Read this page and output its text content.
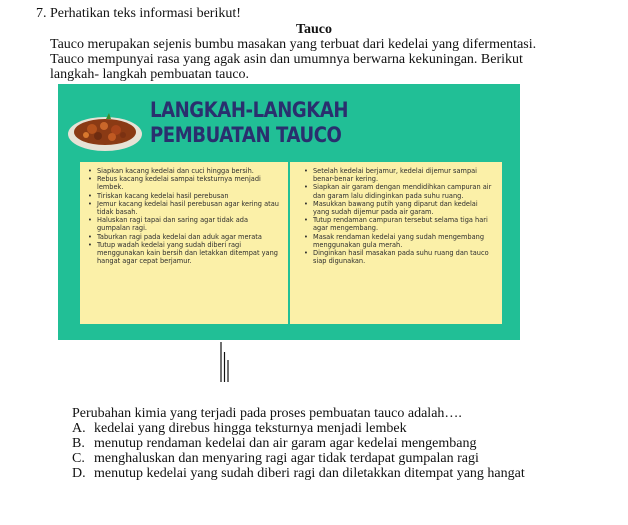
7. Perhatikan teks informasi berikut!
Tauco
Tauco merupakan sejenis bumbu masakan yang terbuat dari kedelai yang difermentasi. Tauco mempunyai rasa yang agak asin dan umumnya berwarna kekuningan. Berikut langkah- langkah pembuatan tauco.
LANGKAH-LANGKAH
PEMBUATAN TAUCO
• Siapkan kacang kedelai dan cuci hingga bersih.
• Rebus kacang kedelai sampai teksturnya menjadi lembek.
• Tiriskan kacang kedelai hasil perebusan
• Jemur kacang kedelai hasil perebusan agar kering atau tidak basah.
• Haluskan ragi tapai dan saring agar tidak ada gumpalan ragi.
• Taburkan ragi pada kedelai dan aduk agar merata
• Tutup wadah kedelai yang sudah diberi ragi menggunakan kain bersih dan letakkan ditempat yang hangat agar cepat berjamur.
• Setelah kedelai berjamur, kedelai dijemur sampai benar-benar kering.
• Siapkan air garam dengan mendidihkan campuran air dan garam lalu didinginkan pada suhu ruang.
• Masukkan bawang putih yang diparut dan kedelai yang sudah dijemur pada air garam.
• Tutup rendaman campuran tersebut selama tiga hari agar mengembang.
• Masak rendaman kedelai yang sudah mengembang menggunakan gula merah.
• Dinginkan hasil masakan pada suhu ruang dan tauco siap digunakan.
Perubahan kimia yang terjadi pada proses pembuatan tauco adalah….
A. kedelai yang direbus hingga teksturnya menjadi lembek
B. menutup rendaman kedelai dan air garam agar kedelai mengembang
C. menghaluskan dan menyaring ragi agar tidak terdapat gumpalan ragi
D. menutup kedelai yang sudah diberi ragi dan diletakkan ditempat yang hangat
